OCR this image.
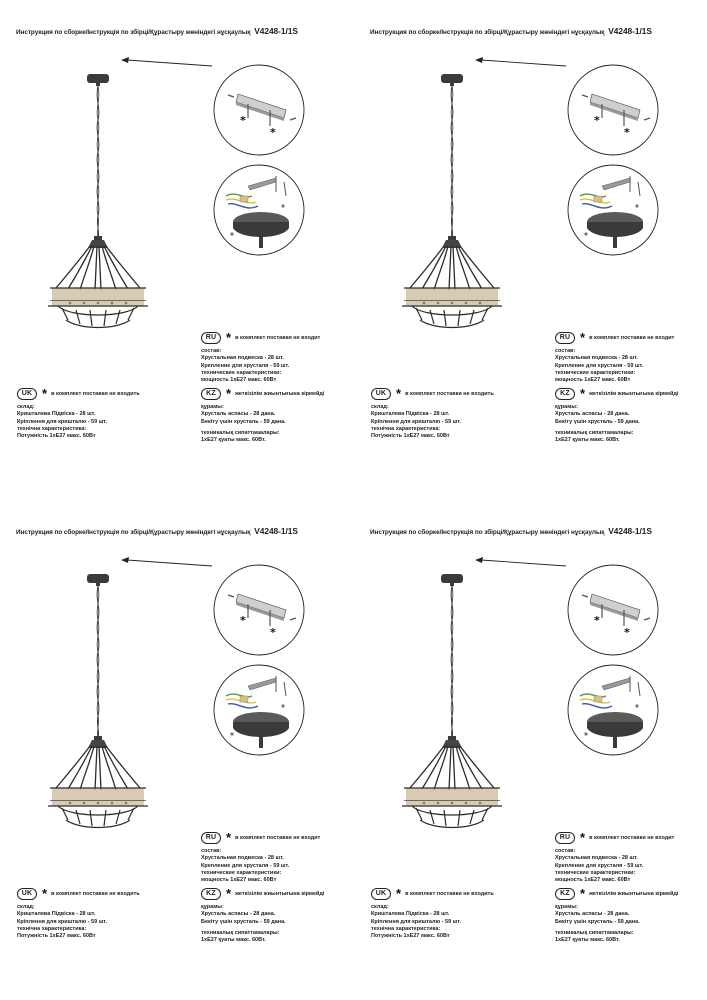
Инструкция по сборке/Інструкція по збірці/Құрастыру жөніндегі нұсқаулық V4248-1/1S
*
*
RU * в комплект поставки не входит
состав:
Хрустальная подвеска - 28 шт.
Крепление для хрусталя - 59 шт.
технические характеристики:
мощность 1хE27 макс. 60Вт
UK * в комплект поставки не входить
склад:
Кришталева Підвіска - 28 шт.
Кріплення для кришталю - 59 шт.
технічна характеристика:
Потужність 1хE27 макс. 60Вт
KZ * жеткізілім жиынтығына кірмейді
құрамы:
Хрусталь аспасы - 28 дана.
Бекіту үшін хрусталь - 59 дана.
техникалық сипаттамалары:
1хE27 қуаты макс. 60Вт.
Инструкция по сборке/Інструкція по збірці/Құрастыру жөніндегі нұсқаулық V4248-1/1S
*
*
RU * в комплект поставки не входит
состав:
Хрустальная подвеска - 28 шт.
Крепление для хрусталя - 59 шт.
технические характеристики:
мощность 1хE27 макс. 60Вт
UK * в комплект поставки не входить
склад:
Кришталева Підвіска - 28 шт.
Кріплення для кришталю - 59 шт.
технічна характеристика:
Потужність 1хE27 макс. 60Вт
KZ * жеткізілім жиынтығына кірмейді
құрамы:
Хрусталь аспасы - 28 дана.
Бекіту үшін хрусталь - 59 дана.
техникалық сипаттамалары:
1хE27 қуаты макс. 60Вт.
Инструкция по сборке/Інструкція по збірці/Құрастыру жөніндегі нұсқаулық V4248-1/1S
*
*
RU * в комплект поставки не входит
состав:
Хрустальная подвеска - 28 шт.
Крепление для хрусталя - 59 шт.
технические характеристики:
мощность 1хE27 макс. 60Вт
UK * в комплект поставки не входить
склад:
Кришталева Підвіска - 28 шт.
Кріплення для кришталю - 59 шт.
технічна характеристика:
Потужність 1хE27 макс. 60Вт
KZ * жеткізілім жиынтығына кірмейді
құрамы:
Хрусталь аспасы - 28 дана.
Бекіту үшін хрусталь - 59 дана.
техникалық сипаттамалары:
1хE27 қуаты макс. 60Вт.
Инструкция по сборке/Інструкція по збірці/Құрастыру жөніндегі нұсқаулық V4248-1/1S
*
*
RU * в комплект поставки не входит
состав:
Хрустальная подвеска - 28 шт.
Крепление для хрусталя - 59 шт.
технические характеристики:
мощность 1хE27 макс. 60Вт
UK * в комплект поставки не входить
склад:
Кришталева Підвіска - 28 шт.
Кріплення для кришталю - 59 шт.
технічна характеристика:
Потужність 1хE27 макс. 60Вт
KZ * жеткізілім жиынтығына кірмейді
құрамы:
Хрусталь аспасы - 28 дана.
Бекіту үшін хрусталь - 59 дана.
техникалық сипаттамалары:
1хE27 қуаты макс. 60Вт.
